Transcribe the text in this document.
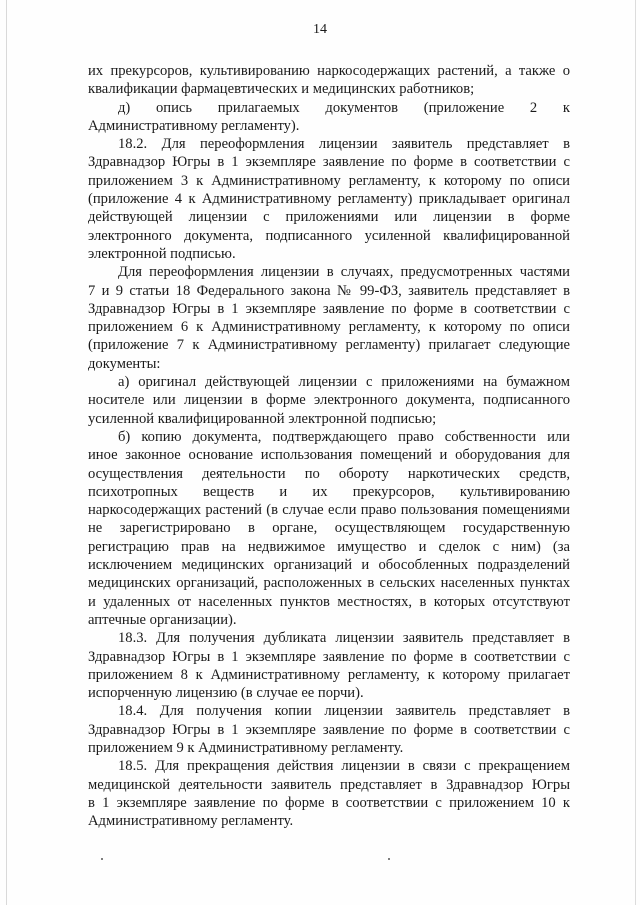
14
их прекурсоров, культивированию наркосодержащих растений, а также о
квалификации фармацевтических и медицинских работников;
д) опись прилагаемых документов (приложение 2 к
Административному регламенту).
18.2. Для переоформления лицензии заявитель представляет в
Здравнадзор Югры в 1 экземпляре заявление по форме в соответствии с
приложением 3 к Административному регламенту, к которому по описи
(приложение 4 к Административному регламенту) прикладывает оригинал
действующей лицензии с приложениями или лицензии в форме
электронного документа, подписанного усиленной квалифицированной
электронной подписью.
Для переоформления лицензии в случаях, предусмотренных частями
7 и 9 статьи 18 Федерального закона № 99-ФЗ, заявитель представляет в
Здравнадзор Югры в 1 экземпляре заявление по форме в соответствии с
приложением 6 к Административному регламенту, к которому по описи
(приложение 7 к Административному регламенту) прилагает следующие
документы:
а) оригинал действующей лицензии с приложениями на бумажном
носителе или лицензии в форме электронного документа, подписанного
усиленной квалифицированной электронной подписью;
б) копию документа, подтверждающего право собственности или
иное законное основание использования помещений и оборудования для
осуществления деятельности по обороту наркотических средств,
психотропных веществ и их прекурсоров, культивированию
наркосодержащих растений (в случае если право пользования помещениями
не зарегистрировано в органе, осуществляющем государственную
регистрацию прав на недвижимое имущество и сделок с ним) (за
исключением медицинских организаций и обособленных подразделений
медицинских организаций, расположенных в сельских населенных пунктах
и удаленных от населенных пунктов местностях, в которых отсутствуют
аптечные организации).
18.3. Для получения дубликата лицензии заявитель представляет в
Здравнадзор Югры в 1 экземпляре заявление по форме в соответствии с
приложением 8 к Административному регламенту, к которому прилагает
испорченную лицензию (в случае ее порчи).
18.4. Для получения копии лицензии заявитель представляет в
Здравнадзор Югры в 1 экземпляре заявление по форме в соответствии с
приложением 9 к Административному регламенту.
18.5. Для прекращения действия лицензии в связи с прекращением
медицинской деятельности заявитель представляет в Здравнадзор Югры
в 1 экземпляре заявление по форме в соответствии с приложением 10 к
Административному регламенту.
